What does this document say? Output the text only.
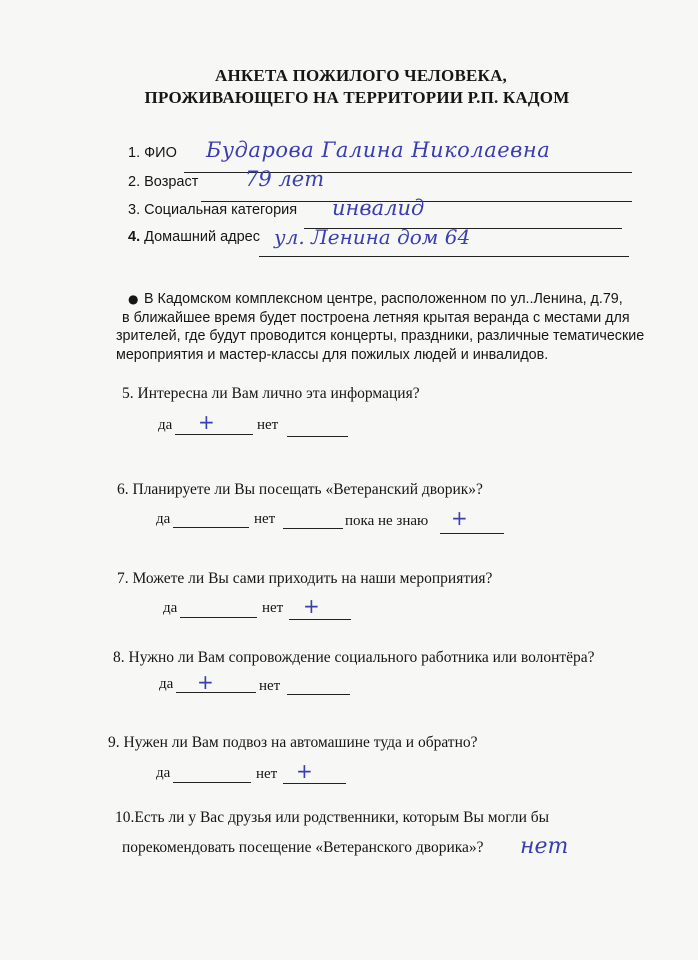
АНКЕТА ПОЖИЛОГО ЧЕЛОВЕКА,
ПРОЖИВАЮЩЕГО НА ТЕРРИТОРИИ Р.П. КАДОМ
1. ФИО Бударова Галина Николаевна
2. Возраст 79 лет
3. Социальная категория инвалид
4. Домашний адрес ул. Ленина дом 64
● В Кадомском комплексном центре, расположенном по ул..Ленина, д.79,
в ближайшее время будет построена летняя крытая веранда с местами для
зрителей, где будут проводится концерты, праздники, различные тематические
мероприятия и мастер-классы для пожилых людей и инвалидов.
5. Интересна ли Вам лично эта информация?
да +	нет
6. Планируете ли Вы посещать «Ветеранский дворик»?
да	нет	пока не знаю +
7. Можете ли Вы сами приходить на наши мероприятия?
да	нет +
8. Нужно ли Вам сопровождение социального работника или волонтёра?
да +	нет
9. Нужен ли Вам подвоз на автомашине туда и обратно?
да	нет +
10.Есть ли у Вас друзья или родственники, которым Вы могли бы
порекомендовать посещение «Ветеранского дворика»? нет
